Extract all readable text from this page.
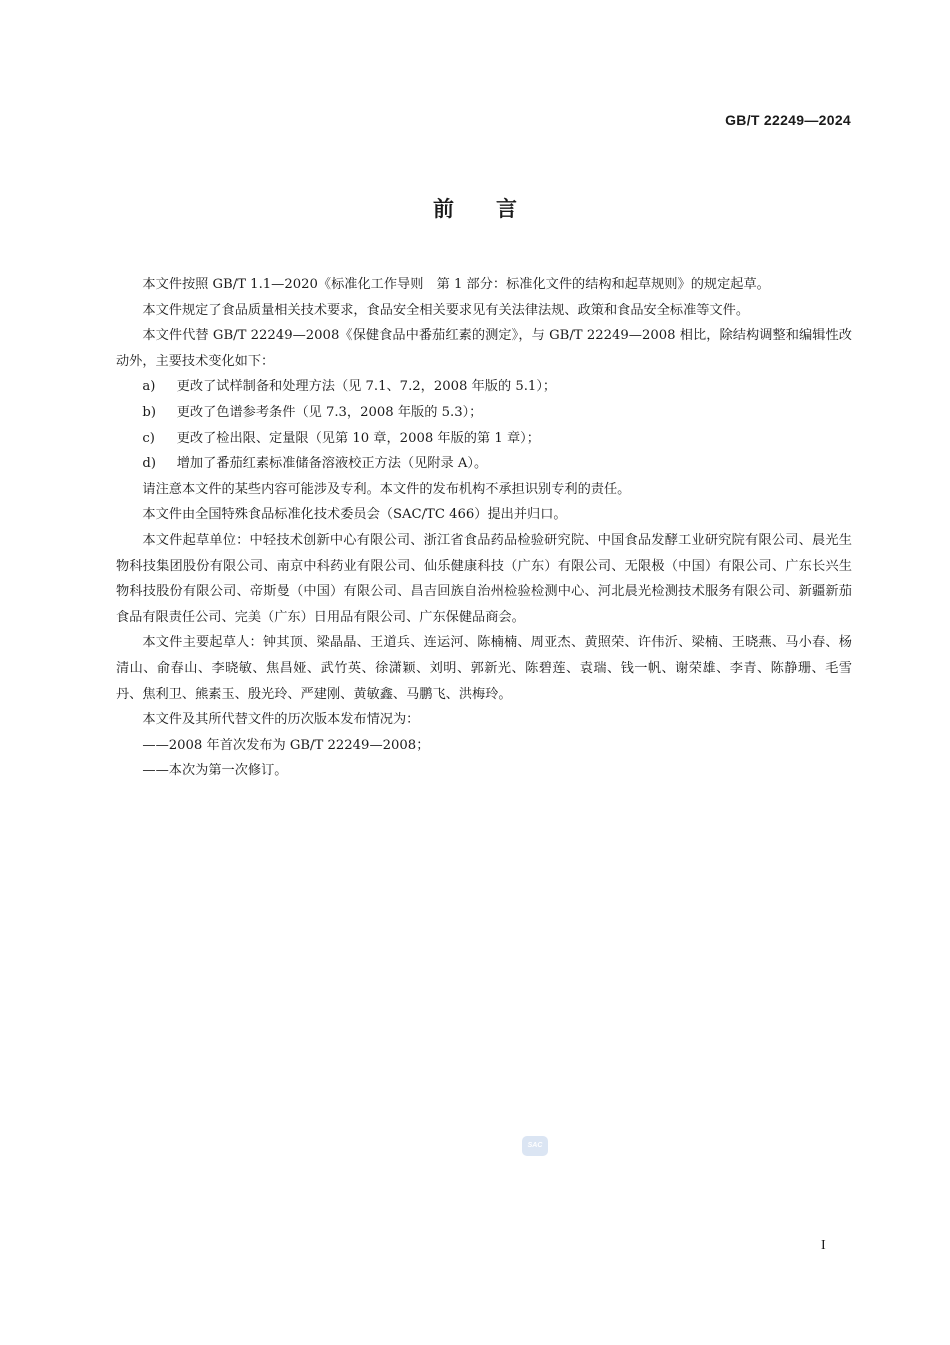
GB/T 22249—2024
前言

本文件按照 GB/T 1.1—2020《标准化工作导则　第 1 部分：标准化文件的结构和起草规则》的规定起草。

本文件规定了食品质量相关技术要求，食品安全相关要求见有关法律法规、政策和食品安全标准等文件。

本文件代替 GB/T 22249—2008《保健食品中番茄红素的测定》，与 GB/T 22249—2008 相比，除结构调整和编辑性改动外，主要技术变化如下：

a) 更改了试样制备和处理方法（见 7.1、7.2，2008 年版的 5.1）；

b) 更改了色谱参考条件（见 7.3，2008 年版的 5.3）；

c) 更改了检出限、定量限（见第 10 章，2008 年版的第 1 章）；

d) 增加了番茄红素标准储备溶液校正方法（见附录 A）。

请注意本文件的某些内容可能涉及专利。本文件的发布机构不承担识别专利的责任。

本文件由全国特殊食品标准化技术委员会（SAC/TC 466）提出并归口。

本文件起草单位：中轻技术创新中心有限公司、浙江省食品药品检验研究院、中国食品发酵工业研究院有限公司、晨光生物科技集团股份有限公司、南京中科药业有限公司、仙乐健康科技（广东）有限公司、无限极（中国）有限公司、广东长兴生物科技股份有限公司、帝斯曼（中国）有限公司、昌吉回族自治州检验检测中心、河北晨光检测技术服务有限公司、新疆新茄食品有限责任公司、完美（广东）日用品有限公司、广东保健品商会。

本文件主要起草人：钟其顶、梁晶晶、王道兵、连运河、陈楠楠、周亚杰、黄照荣、许伟沂、梁楠、王晓燕、马小春、杨清山、俞春山、李晓敏、焦昌娅、武竹英、徐潇颖、刘明、郭新光、陈碧莲、袁瑞、钱一帆、谢荣雄、李青、陈静珊、毛雪丹、焦利卫、熊素玉、殷光玲、严建刚、黄敏鑫、马鹏飞、洪梅玲。

本文件及其所代替文件的历次版本发布情况为：

——2008 年首次发布为 GB/T 22249—2008；

——本次为第一次修订。

SAC
I
